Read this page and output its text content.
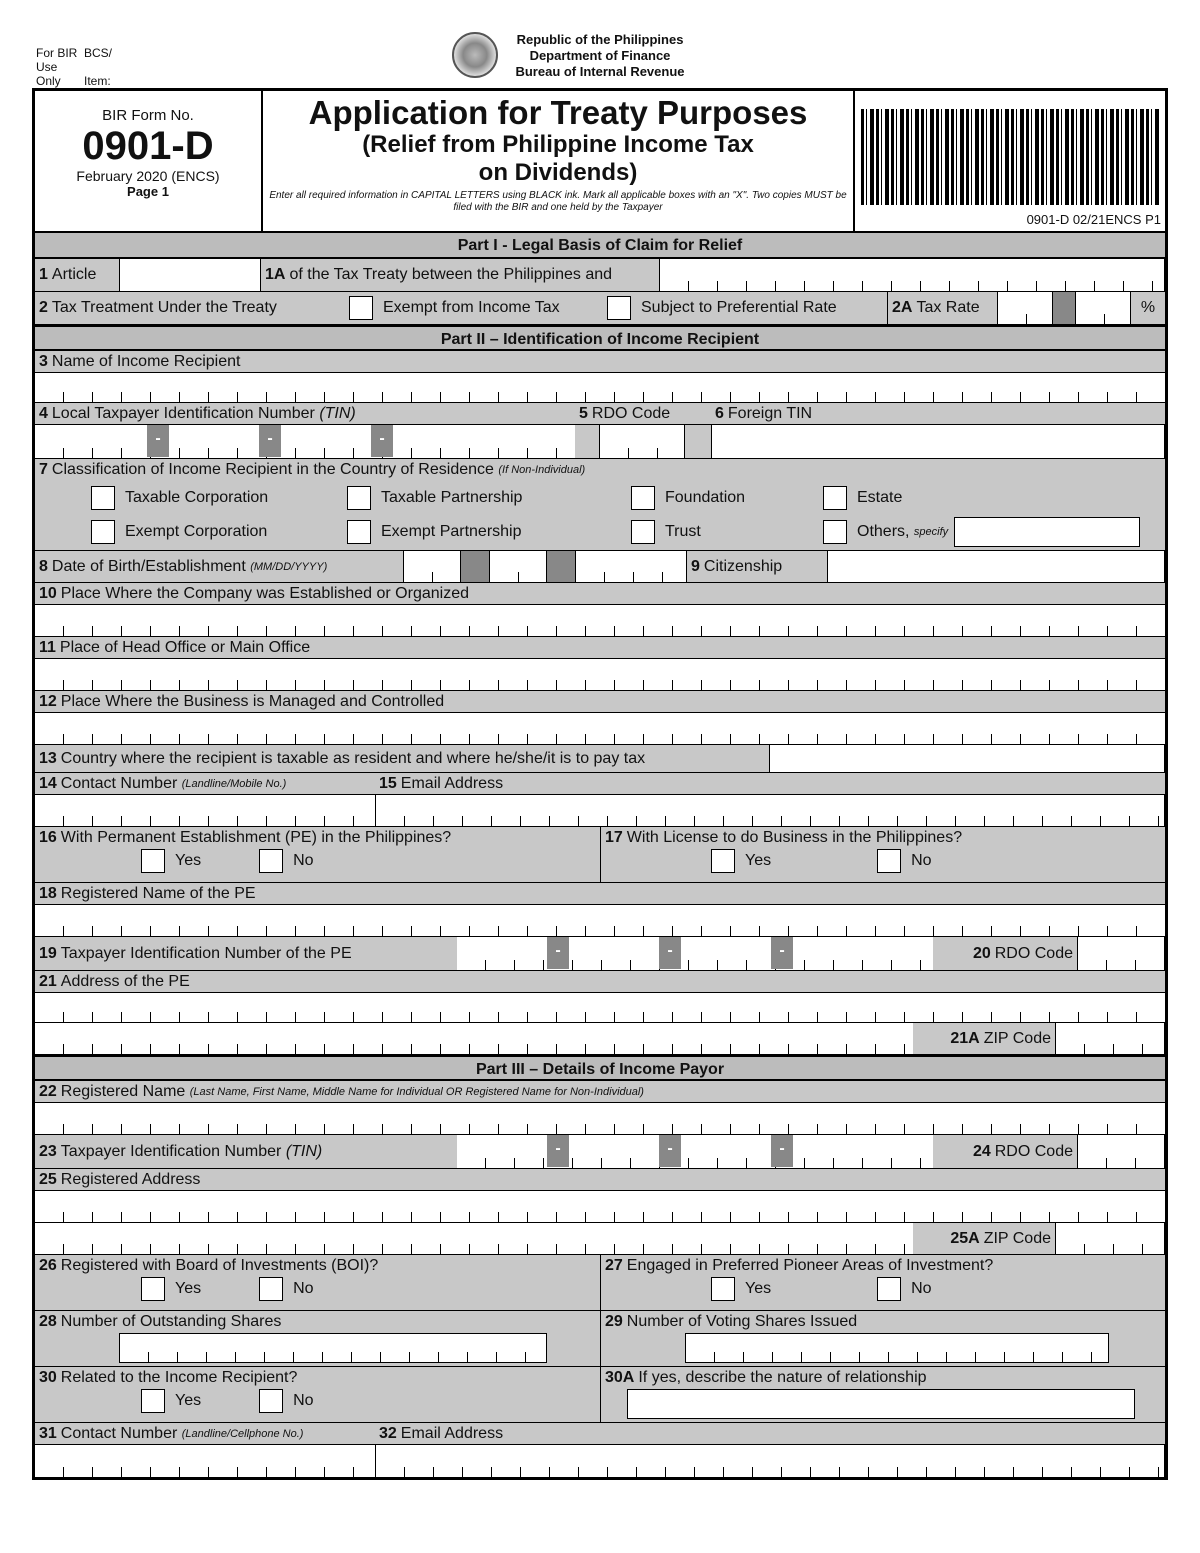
For BIR BCS/
Use Only Item:
Republic of the Philippines
Department of Finance
Bureau of Internal Revenue
BIR Form No.
0901-D
February 2020 (ENCS)
Page 1
Application for Treaty Purposes
(Relief from Philippine Income Tax
on Dividends)
Enter all required information in CAPITAL LETTERS using BLACK ink. Mark all applicable boxes with an "X". Two copies MUST be filed with the BIR and one held by the Taxpayer
0901-D 02/21ENCS P1
Part I - Legal Basis of Claim for Relief
1 Article	1A of the Tax Treaty between the Philippines and
2 Tax Treatment Under the Treaty	Exempt from Income Tax	Subject to Preferential Rate	2A Tax Rate	%
Part II – Identification of Income Recipient
3 Name of Income Recipient
4 Local Taxpayer Identification Number
(TIN)	5 RDO Code	6 Foreign TIN
-	-	-
7 Classification of Income Recipient in the Country of Residence
(If Non-Individual)
Taxable Corporation	Taxable Partnership	Foundation	Estate
Exempt Corporation	Exempt Partnership	Trust	Others,
specify
8 Date of Birth/Establishment
(MM/DD/YYYY)	9 Citizenship
10 Place Where the Company was Established or Organized
11 Place of Head Office or Main Office
12 Place Where the Business is Managed and Controlled
13 Country where the recipient is taxable as resident and where he/she/it is to pay tax
14 Contact Number
(Landline/Mobile No.)	15 Email Address
16 With Permanent Establishment (PE) in the Philippines?
Yes	No
17 With License to do Business in the Philippines?
Yes	No
18 Registered Name of the PE
19 Taxpayer Identification Number of the PE	-	-	-	20 RDO Code
21 Address of the PE
21A ZIP Code
Part III – Details of Income Payor
22 Registered Name
(Last Name, First Name, Middle Name for Individual OR Registered Name for Non-Individual)
23 Taxpayer Identification Number
(TIN)	-	-	-	24 RDO Code
25 Registered Address
25A ZIP Code
26 Registered with Board of Investments (BOI)?
Yes	No
27 Engaged in Preferred Pioneer Areas of Investment?
Yes	No
28 Number of Outstanding Shares	29 Number of Voting Shares Issued
30 Related to the Income Recipient?
Yes	No
30A If yes, describe the nature of relationship
31 Contact Number
(Landline/Cellphone No.)	32 Email Address
